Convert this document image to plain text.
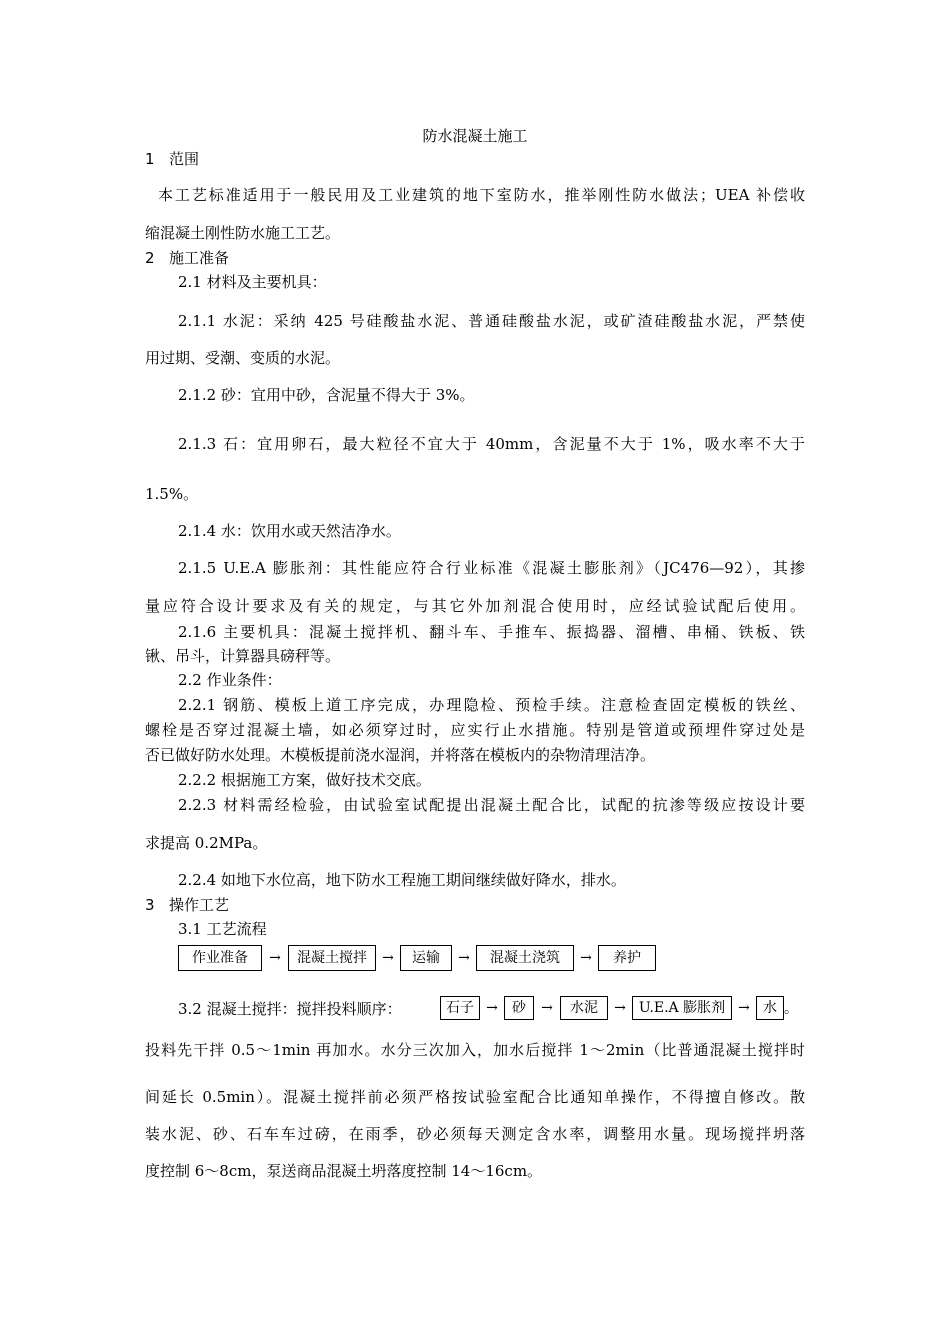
防水混凝土施工
1 范围
本工艺标准适用于一般民用及工业建筑的地下室防水，推举刚性防水做法；UEA 补偿收
缩混凝土刚性防水施工工艺。
2 施工准备
2.1 材料及主要机具：
2.1.1 水泥：采纳 425 号硅酸盐水泥、普通硅酸盐水泥，或矿渣硅酸盐水泥，严禁使
用过期、受潮、变质的水泥。
2.1.2 砂：宜用中砂，含泥量不得大于 3%。
2.1.3 石：宜用卵石，最大粒径不宜大于 40mm，含泥量不大于 1%，吸水率不大于
1.5%。
2.1.4 水：饮用水或天然洁净水。
2.1.5 U.E.A 膨胀剂：其性能应符合行业标准《混凝土膨胀剂》（JC476—92），其掺
量应符合设计要求及有关的规定，与其它外加剂混合使用时，应经试验试配后使用。
2.1.6 主要机具：混凝土搅拌机、翻斗车、手推车、振捣器、溜槽、串桶、铁板、铁
锹、吊斗，计算器具磅秤等。
2.2 作业条件：
2.2.1 钢筋、模板上道工序完成，办理隐检、预检手续。注意检查固定模板的铁丝、
螺栓是否穿过混凝土墙，如必须穿过时，应实行止水措施。特别是管道或预埋件穿过处是
否已做好防水处理。木模板提前浇水湿润，并将落在模板内的杂物清理洁净。
2.2.2 根据施工方案，做好技术交底。
2.2.3 材料需经检验，由试验室试配提出混凝土配合比，试配的抗渗等级应按设计要
求提高 0.2MPa。
2.2.4 如地下水位高，地下防水工程施工期间继续做好降水，排水。
3 操作工艺
3.1 工艺流程
作业准备	→	混凝土搅拌	→	运输	→	混凝土浇筑	→	养护
3.2 混凝土搅拌：搅拌投料顺序：	石子 →	砂	→	水泥	→ U.E.A 膨胀剂 → 水 。
投料先干拌 0.5～1min 再加水。水分三次加入，加水后搅拌 1～2min（比普通混凝土搅拌时
间延长 0.5min）。混凝土搅拌前必须严格按试验室配合比通知单操作，不得擅自修改。散
装水泥、砂、石车车过磅，在雨季，砂必须每天测定含水率，调整用水量。现场搅拌坍落
度控制 6～8cm，泵送商品混凝土坍落度控制 14～16cm。
